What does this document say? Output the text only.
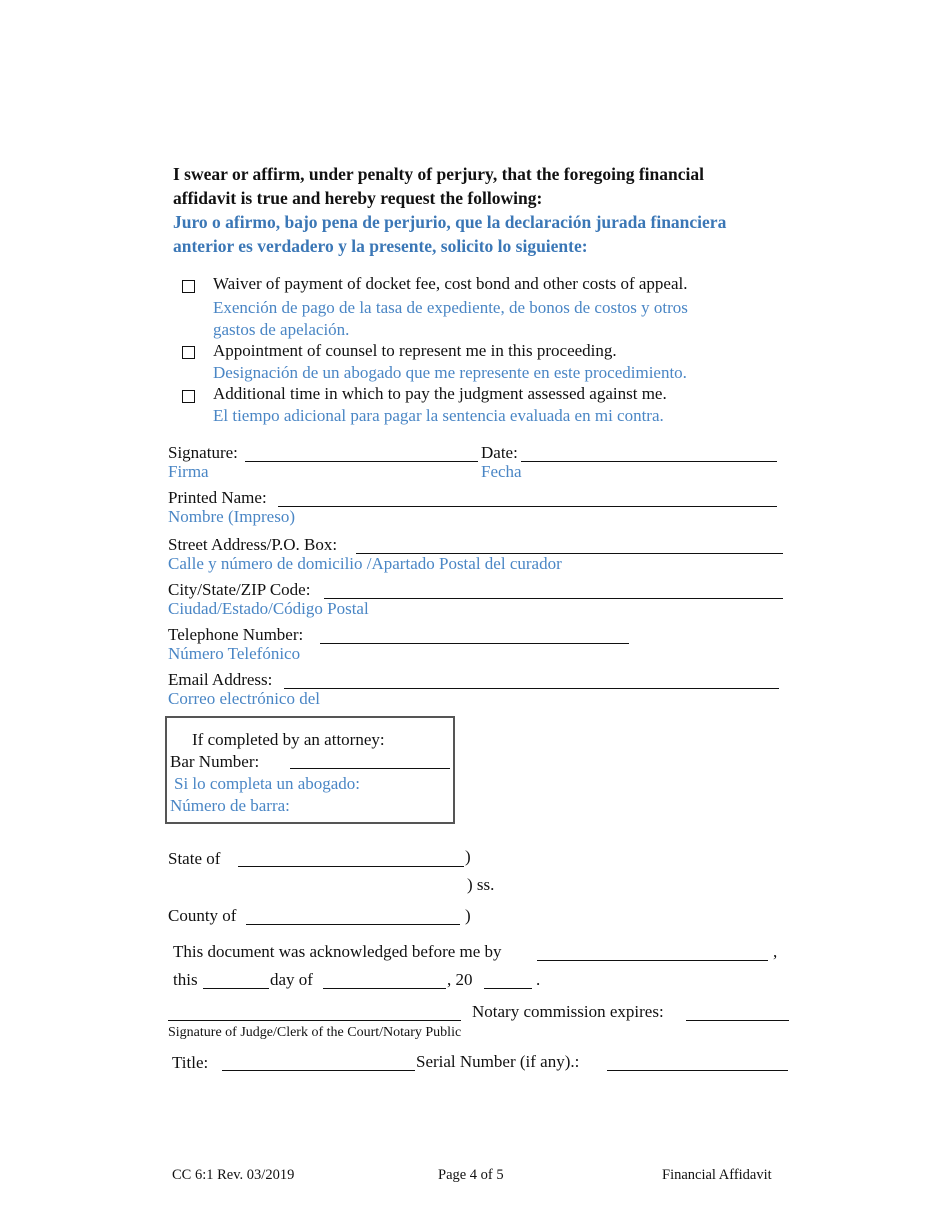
I swear or affirm, under penalty of perjury, that the foregoing financial
affidavit is true and hereby request the following:
Juro o afirmo, bajo pena de perjurio, que la declaración jurada financiera
anterior es verdadero y la presente, solicito lo siguiente:
Waiver of payment of docket fee, cost bond and other costs of appeal.
Exención de pago de la tasa de expediente, de bonos de costos y otros
gastos de apelación.
Appointment of counsel to represent me in this proceeding.
Designación de un abogado que me represente en este procedimiento.
Additional time in which to pay the judgment assessed against me.
El tiempo adicional para pagar la sentencia evaluada en mi contra.
Signature:
Firma
Date:
Fecha
Printed Name:
Nombre (Impreso)
Street Address/P.O. Box:
Calle y número de domicilio /Apartado Postal del curador
City/State/ZIP Code:
Ciudad/Estado/Código Postal
Telephone Number:
Número Telefónico
Email Address:
Correo electrónico del
If completed by an attorney:
Bar Number:
Si lo completa un abogado:
Número de barra:
State of	)
) ss.
County of	)
This document was acknowledged before me by	,
this	day of	, 20	.
Notary commission expires:
Signature of Judge/Clerk of the Court/Notary Public
Title:	Serial Number (if any).:
CC 6:1 Rev. 03/2019	Page 4 of 5	Financial Affidavit
